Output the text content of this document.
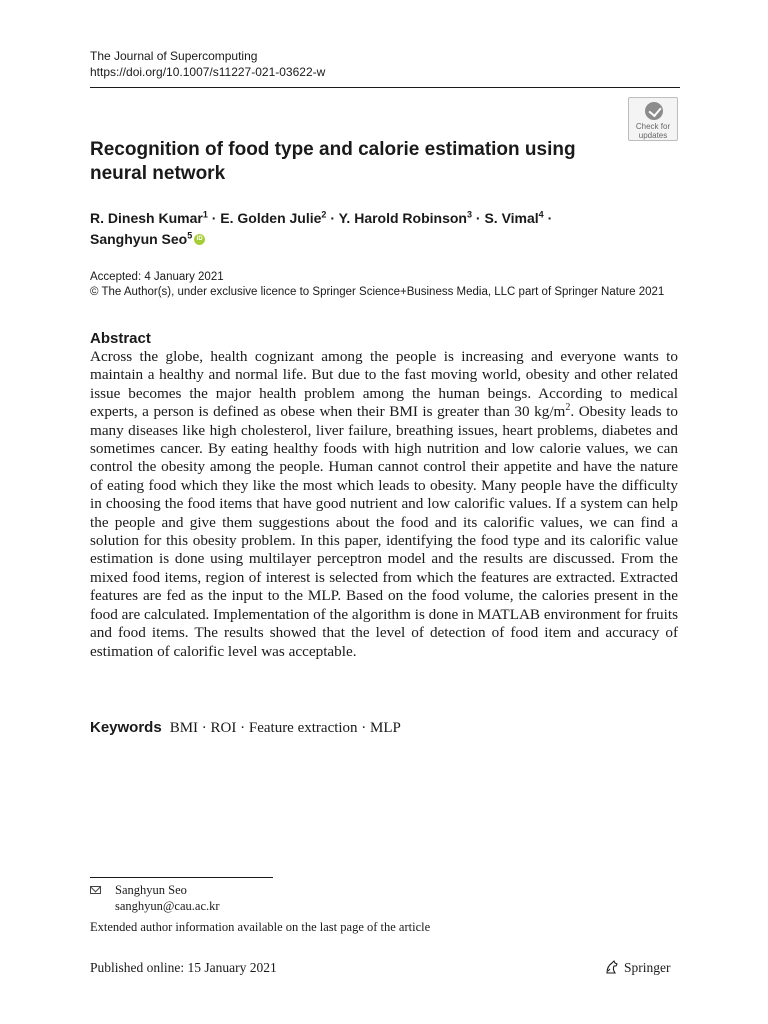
The Journal of Supercomputing
https://doi.org/10.1007/s11227-021-03622-w
Check for
updates
Recognition of food type and calorie estimation using neural network
R. Dinesh Kumar$^1$ · E. Golden Julie$^2$ · Y. Harold Robinson$^3$ · S. Vimal$^4$ ·
Sanghyun Seo$^5$iD
Accepted: 4 January 2021
© The Author(s), under exclusive licence to Springer Science+Business Media, LLC part of Springer Nature 2021
Abstract

Across the globe, health cognizant among the people is increasing and everyone wants to maintain a healthy and normal life. But due to the fast moving world, obesity and other related issue becomes the major health problem among the human beings. According to medical experts, a person is defined as obese when their BMI is greater than 30 $kg/m^2$. Obesity leads to many diseases like high cholesterol, liver failure, breathing issues, heart problems, diabetes and sometimes cancer. By eating healthy foods with high nutrition and low calorie values, we can control the obesity among the people. Human cannot control their appetite and have the nature of eating food which they like the most which leads to obesity. Many people have the difficulty in choosing the food items that have good nutrient and low calorific values. If a system can help the people and give them suggestions about the food and its calorific values, we can find a solution for this obesity problem. In this paper, identifying the food type and its calorific value estimation is done using multilayer perceptron model and the results are discussed. From the mixed food items, region of interest is selected from which the features are extracted. Extracted features are fed as the input to the MLP. Based on the food volume, the calories present in the food are calculated. Implementation of the algorithm is done in MATLAB environment for fruits and food items. The results showed that the level of detection of food item and accuracy of estimation of calorific level was acceptable.

Keywords BMI · ROI · Feature extraction · MLP
Sanghyun Seo
sanghyun@cau.ac.kr
Extended author information available on the last page of the article
Published online: 15 January 2021	Springer
